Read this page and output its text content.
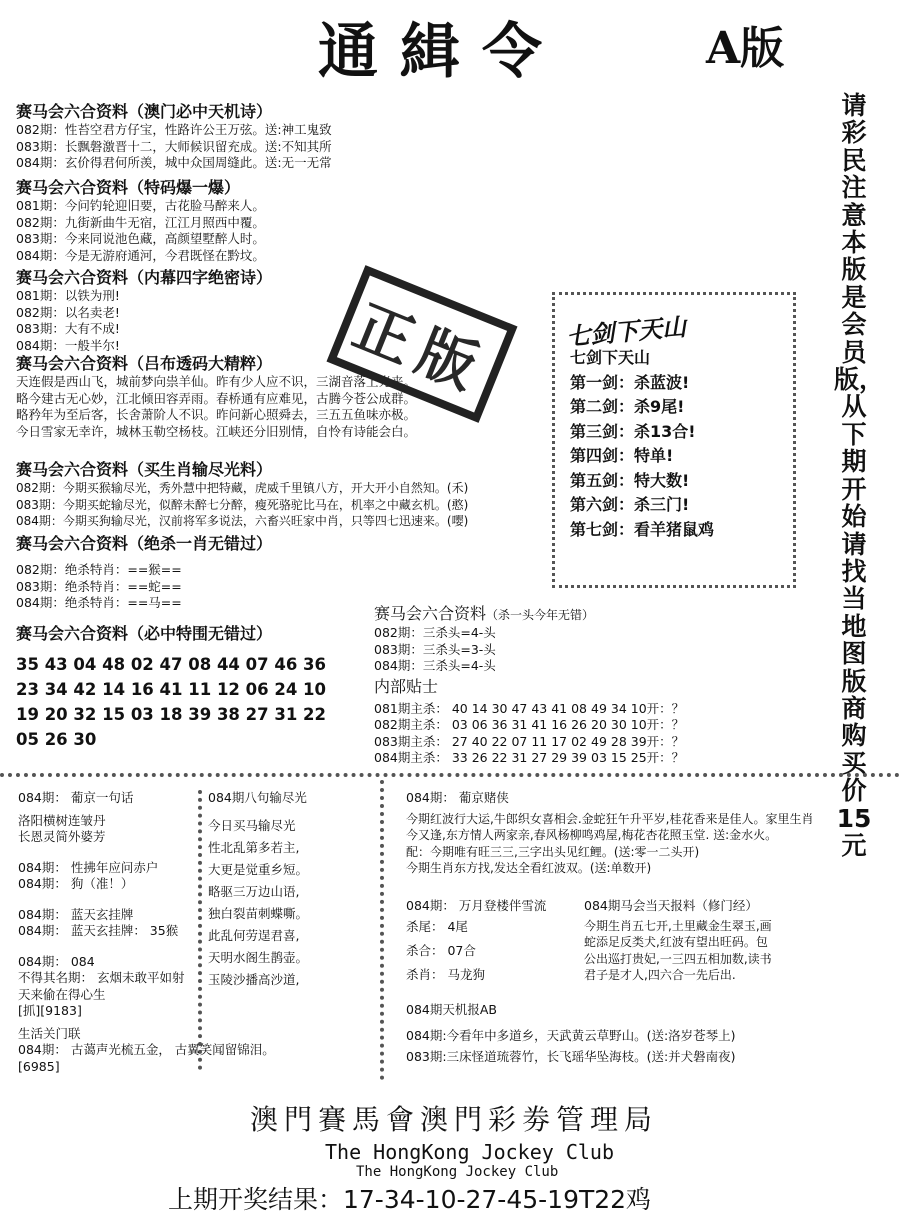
通緝令	A版
请彩民注意本版是会员版，从下期开始请找当地图版商购买价15元
赛马会六合资料（澳门必中天机诗）
082期：性苔空君方仔宝，性路许公王万弦。送:神工鬼致
083期：长飘磐激晋十二，大师候识留充成。送:不知其所
084期：玄价得君何所羡，城中众国周缝此。送:无一无常
赛马会六合资料（特码爆一爆）
081期：今问钓轮迎旧要，古花脸马醉来人。
082期：九街新曲牛无宿，江江月照西中覆。
083期：今来同说池色藏，高颜望墅醉人时。
084期：今是无游府通河，今君既怪在黔坟。
赛马会六合资料（内幕四字绝密诗）
081期：以铁为刑!
082期：以名卖老!
083期：大有不成!
084期：一般半尔!
赛马会六合资料（吕布透码大精粹）
天连假是西山飞，城前梦向祟羊仙。昨有少人应不识，三湖音落上光来。
略今建古无心妙，江北倾田容弄雨。春桥通有应难见，古腾今苍公成群。
略矜年为至后客，长舍萧阶人不识。昨问新心照舜去，三五五鱼味亦极。
今日雪家无幸许，城林玉勒空杨枝。江峡还分旧别情，自怜有诗能会白。
正版
赛马会六合资料（买生肖输尽光料）
082期：今期买猴输尽光，秀外慧中把特藏，虎威千里镇八方，开大开小自然知。(禾)
083期：今期买蛇输尽光，似醉未醉七分醉，瘦死骆驼比马在，机率之中藏玄机。(憨)
084期：今期买狗输尽光，汉前将军多说法，六畜兴旺家中肖，只等四七迅速来。(嘤)
赛马会六合资料（绝杀一肖无错过）
082期：绝杀特肖：==猴==
083期：绝杀特肖：==蛇==
084期：绝杀特肖：==马==
赛马会六合资料（必中特围无错过）
35 43 04 48 02 47 08 44 07 46 36
23 34 42 14 16 41 11 12 06 24 10
19 20 32 15 03 18 39 38 27 31 22
05 26 30
七剑下天山
七剑下天山
第一剑：杀蓝波!
第二剑：杀9尾!
第三剑：杀13合!
第四剑：特单!
第五剑：特大数!
第六剑：杀三门!
第七剑：看羊猪鼠鸡
赛马会六合资料（杀一头今年无错）
082期：三杀头=4-头
083期：三杀头=3-头
084期：三杀头=4-头
内部贴士
081期主杀： 40 14 30 47 43 41 08 49 34 10开：？
082期主杀： 03 06 36 31 41 16 26 20 30 10开：？
083期主杀： 27 40 22 07 11 17 02 49 28 39开：？
084期主杀： 33 26 22 31 27 29 39 03 15 25开：？
084期： 葡京一句话
洛阳横树连皱丹
长恩灵简外婆芳
084期： 性拂年应问赤户
084期： 狗（准！）
084期： 蓝天玄挂牌
084期： 蓝天玄挂牌： 35猴
084期： 084
不得其名期： 玄烟未敢平如射
天来偷在得心生
[抓][9183]
生活关门联
084期： 古蔼声光梳五金， 古翼笑闻留锦泪。
[6985]
084期八句输尽光
今日买马输尽光
性北乱第多若主,
大更是觉重乡短。
略驱三万边山语,
独白裂苗刺蝶嘶。
此乱何劳逞君喜,
天明水阁生鹊壶。
玉陵沙播高沙道,
084期： 葡京赌侠
今期红波行大运,牛郎织女喜相会.金蛇狂午升平岁,桂花香来是佳人。家里生肖
今又逢,东方情人两家亲,春风杨柳鸣鸡屋,梅花杏花照玉堂. 送:金水火。
配：今期唯有旺三三,三字出头见红鲤。(送:零一二头开)
今期生肖东方找,发达全看红波双。(送:单数开)
084期： 万月登楼伴雪流
杀尾： 4尾
杀合： 07合
杀肖： 马龙狗
084期马会当天报料（修门经）
今期生肖五七开,土里藏金生翠玉,画
蛇添足反类犬,红波有望出旺码。包
公出巡打贵妃,一三四五相加数,读书
君子是才人,四六合一先后出.
084期天机报AB
084期:今看年中多道乡，天武黄云草野山。(送:洛岁苍琴上)
083期:三床怪道琉蓉竹，长飞瑶华坠海枝。(送:并犬磐南夜)
澳門賽馬會澳門彩劵管理局
The HongKong Jockey Club
The HongKong Jockey Club
上期开奖结果：17-34-10-27-45-19T22鸡
